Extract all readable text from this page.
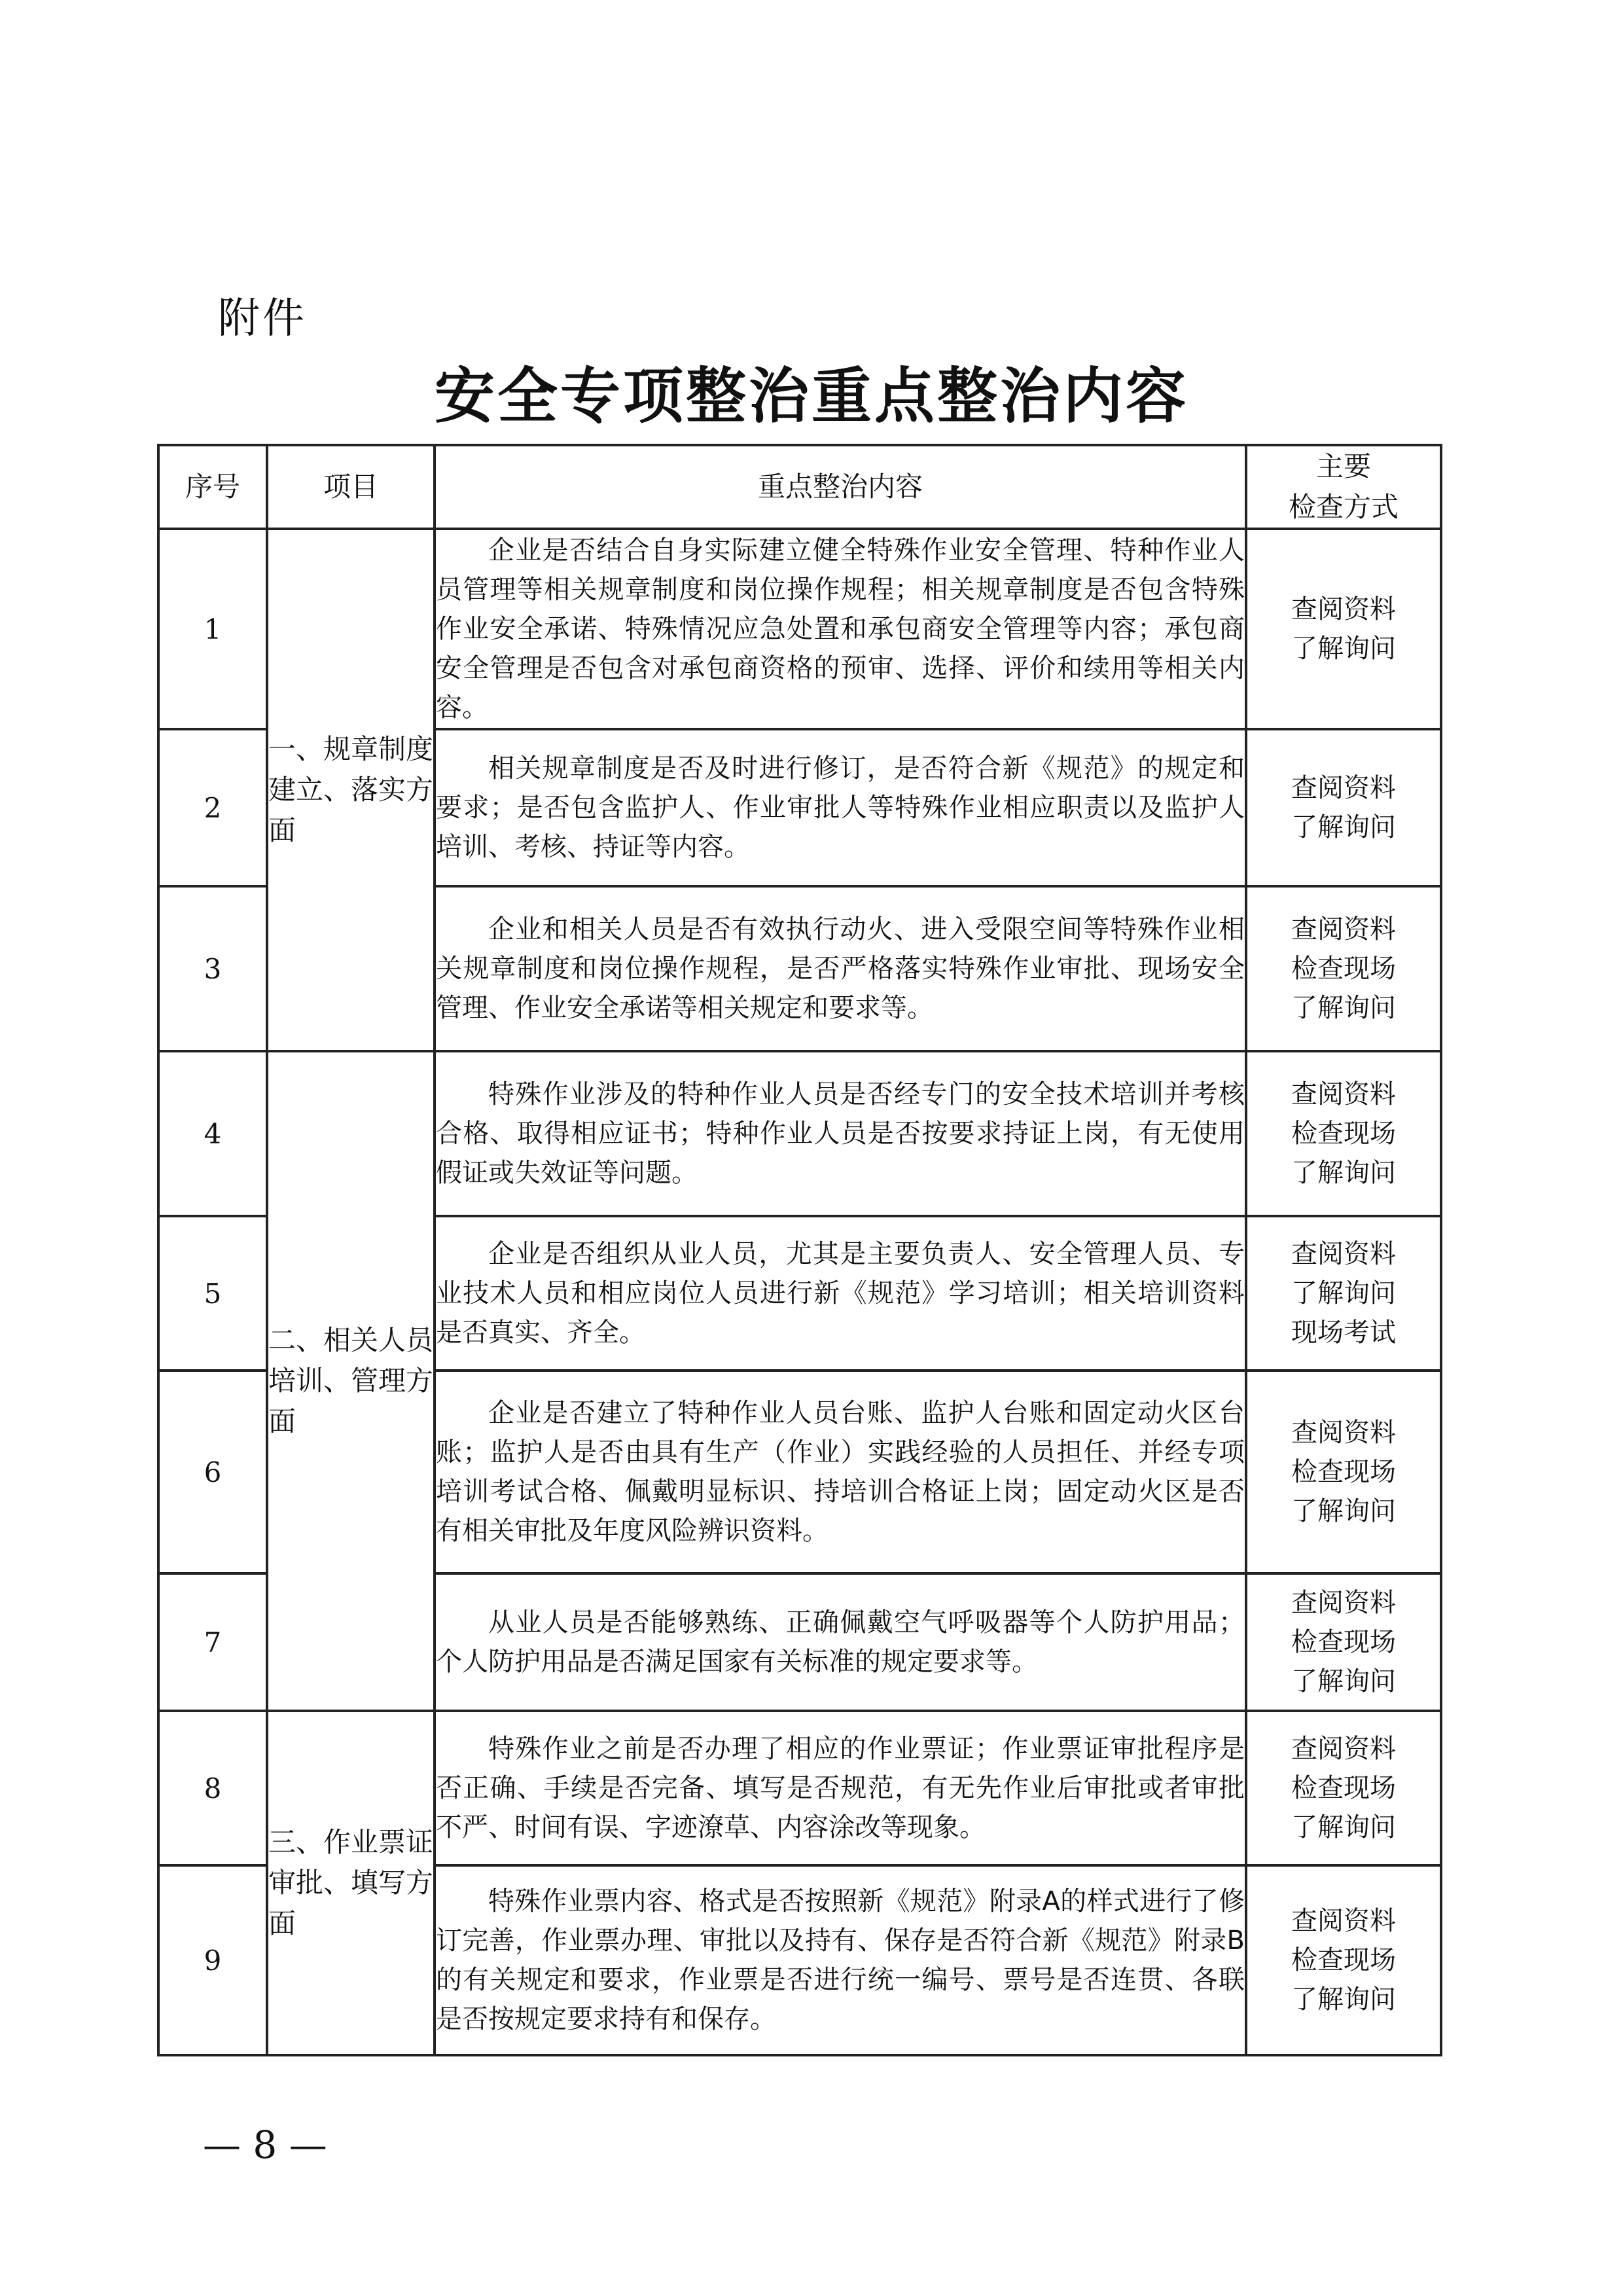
附件
安全专项整治重点整治内容
序号	项目	重点整治内容	主要
检查方式

1	一、规章制度建立、落实方面	企业是否结合自身实际建立健全特殊作业安全管理、特种作业人员管理等相关规章制度和岗位操作规程；相关规章制度是否包含特殊作业安全承诺、特殊情况应急处置和承包商安全管理等内容；承包商安全管理是否包含对承包商资格的预审、选择、评价和续用等相关内容。	查阅资料
了解询问

2		相关规章制度是否及时进行修订，是否符合新《规范》的规定和要求；是否包含监护人、作业审批人等特殊作业相应职责以及监护人培训、考核、持证等内容。	查阅资料
了解询问

3		企业和相关人员是否有效执行动火、进入受限空间等特殊作业相关规章制度和岗位操作规程，是否严格落实特殊作业审批、现场安全管理、作业安全承诺等相关规定和要求等。	查阅资料
检查现场
了解询问

4	二、相关人员培训、管理方面	特殊作业涉及的特种作业人员是否经专门的安全技术培训并考核合格、取得相应证书；特种作业人员是否按要求持证上岗，有无使用假证或失效证等问题。	查阅资料
检查现场
了解询问

5		企业是否组织从业人员，尤其是主要负责人、安全管理人员、专业技术人员和相应岗位人员进行新《规范》学习培训；相关培训资料是否真实、齐全。	查阅资料
了解询问
现场考试

6		企业是否建立了特种作业人员台账、监护人台账和固定动火区台账；监护人是否由具有生产（作业）实践经验的人员担任、并经专项培训考试合格、佩戴明显标识、持培训合格证上岗；固定动火区是否有相关审批及年度风险辨识资料。	查阅资料
检查现场
了解询问

7		从业人员是否能够熟练、正确佩戴空气呼吸器等个人防护用品；个人防护用品是否满足国家有关标准的规定要求等。	查阅资料
检查现场
了解询问

8	三、作业票证审批、填写方面	特殊作业之前是否办理了相应的作业票证；作业票证审批程序是否正确、手续是否完备、填写是否规范，有无先作业后审批或者审批不严、时间有误、字迹潦草、内容涂改等现象。	查阅资料
检查现场
了解询问

9		特殊作业票内容、格式是否按照新《规范》附录A的样式进行了修订完善，作业票办理、审批以及持有、保存是否符合新《规范》附录B的有关规定和要求，作业票是否进行统一编号、票号是否连贯、各联是否按规定要求持有和保存。	查阅资料
检查现场
了解询问
— 8 —
